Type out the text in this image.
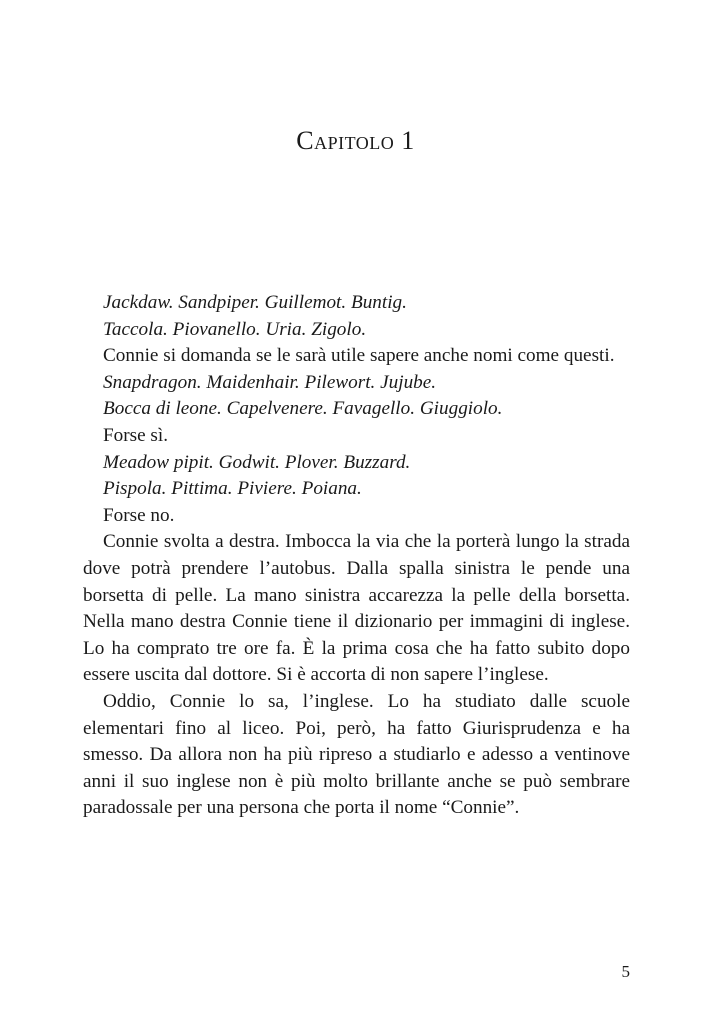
Capitolo 1

Jackdaw. Sandpiper. Guillemot. Buntig.

Taccola. Piovanello. Uria. Zigolo.

Connie si domanda se le sarà utile sapere anche nomi come questi.

Snapdragon. Maidenhair. Pilewort. Jujube.

Bocca di leone. Capelvenere. Favagello. Giuggiolo.

Forse sì.

Meadow pipit. Godwit. Plover. Buzzard.

Pispola. Pittima. Piviere. Poiana.

Forse no.

Connie svolta a destra. Imbocca la via che la porterà lungo la strada dove potrà prendere l’autobus. Dalla spalla sinistra le pende una borsetta di pelle. La mano sinistra accarezza la pelle della borsetta. Nella mano destra Connie tiene il dizionario per immagini di inglese. Lo ha comprato tre ore fa. È la prima cosa che ha fatto subito dopo essere uscita dal dottore. Si è accorta di non sapere l’inglese.

Oddio, Connie lo sa, l’inglese. Lo ha studiato dalle scuole elementari fino al liceo. Poi, però, ha fatto Giurisprudenza e ha smesso. Da allora non ha più ripreso a studiarlo e adesso a ventinove anni il suo inglese non è più molto brillante anche se può sembrare paradossale per una persona che porta il nome “Connie”.

5
